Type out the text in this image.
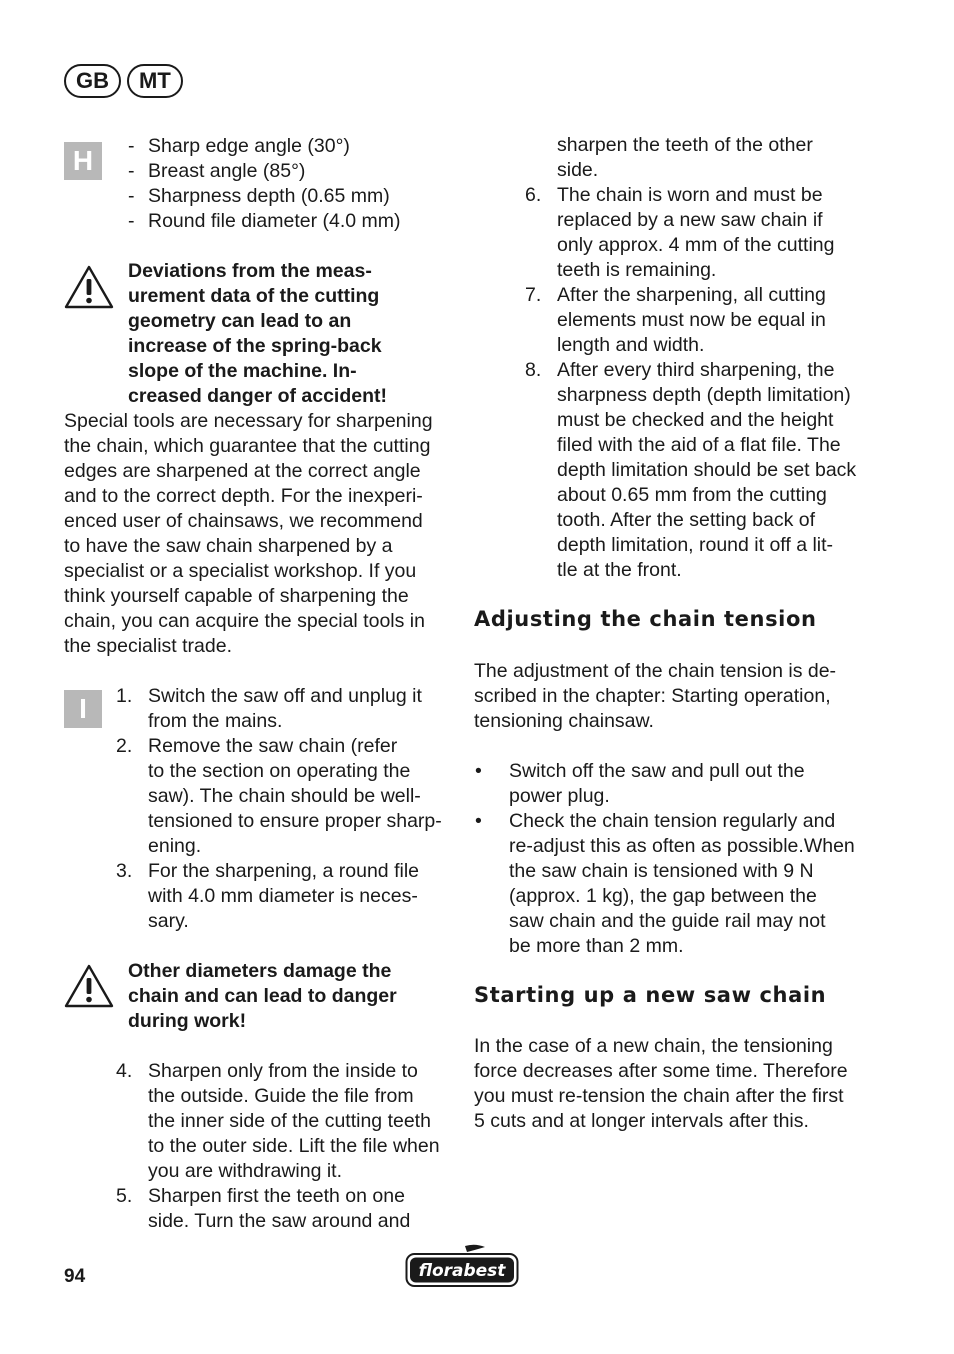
GB	MT
H	- Sharp edge angle (30°)
- Breast angle (85°)
- Sharpness depth (0.65 mm)
- Round file diameter (4.0 mm)
Deviations from the meas-
urement data of the cutting
geometry can lead to an
increase of the spring-back
slope of the machine. In-
creased danger of accident!
Special tools are necessary for sharpening
the chain, which guarantee that the cutting
edges are sharpened at the correct angle
and to the correct depth. For the inexperi-
enced user of chainsaws, we recommend
to have the saw chain sharpened by a
specialist or a specialist workshop. If you
think yourself capable of sharpening the
chain, you can acquire the special tools in
the specialist trade.
I	1. Switch the saw off and unplug it
from the mains.
2. Remove the saw chain (refer
to the section on operating the
saw). The chain should be well-
tensioned to ensure proper sharp-
ening.
3. For the sharpening, a round file
with 4.0 mm diameter is neces-
sary.
Other diameters damage the
chain and can lead to danger
during work!
4. Sharpen only from the inside to
the outside. Guide the file from
the inner side of the cutting teeth
to the outer side. Lift the file when
you are withdrawing it.
5. Sharpen first the teeth on one
side. Turn the saw around and
sharpen the teeth of the other
side.
6. The chain is worn and must be
replaced by a new saw chain if
only approx. 4 mm of the cutting
teeth is remaining.
7. After the sharpening, all cutting
elements must now be equal in
length and width.
8. After every third sharpening, the
sharpness depth (depth limitation)
must be checked and the height
filed with the aid of a flat file. The
depth limitation should be set back
about 0.65 mm from the cutting
tooth. After the setting back of
depth limitation, round it off a lit-
tle at the front.
Adjusting the chain tension
The adjustment of the chain tension is de-
scribed in the chapter: Starting operation,
tensioning chainsaw.
• Switch off the saw and pull out the
power plug.
• Check the chain tension regularly and
re-adjust this as often as possible.When
the saw chain is tensioned with 9 N
(approx. 1 kg), the gap between the
saw chain and the guide rail may not
be more than 2 mm.
Starting up a new saw chain
In the case of a new chain, the tensioning
force decreases after some time. Therefore
you must re-tension the chain after the first
5 cuts and at longer intervals after this.
94	florabest
